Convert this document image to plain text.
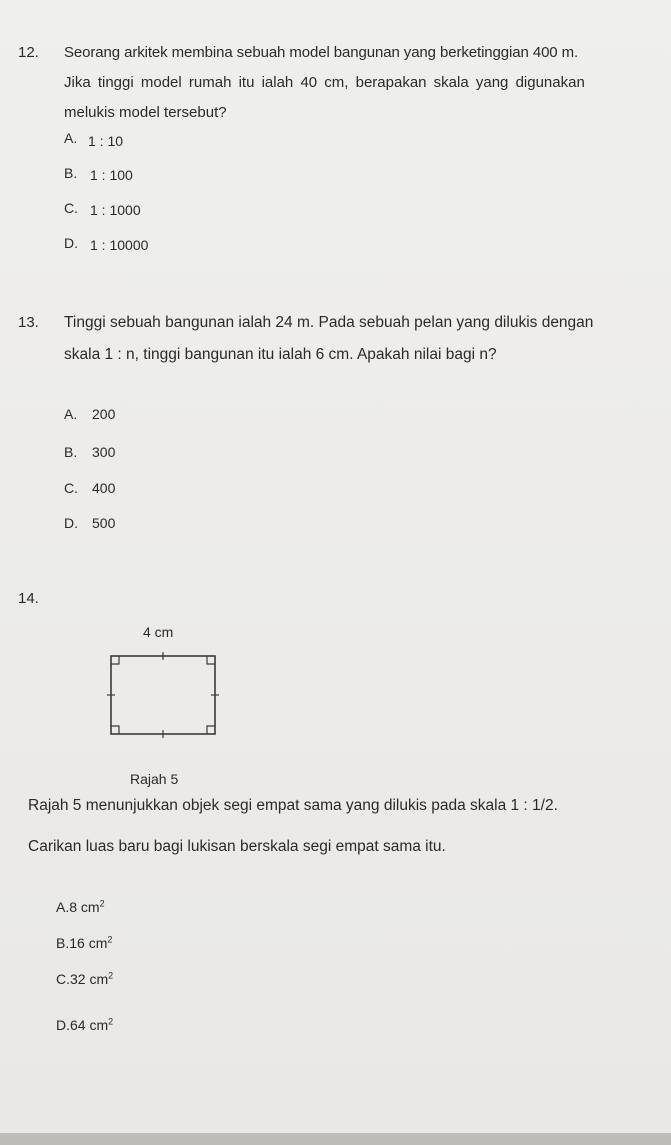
12. Seorang arkitek membina sebuah model bangunan yang berketinggian 400 m.
Jika tinggi model rumah itu ialah 40 cm, berapakan skala yang digunakan
melukis model tersebut?
A. 1 : 10
B. 1 : 100
C. 1 : 1000
D. 1 : 10000
13. Tinggi sebuah bangunan ialah 24 m. Pada sebuah pelan yang dilukis dengan
skala 1 : n, tinggi bangunan itu ialah 6 cm. Apakah nilai bagi n?
A. 200
B. 300
C. 400
D. 500
14.
4 cm
Rajah 5
Rajah 5 menunjukkan objek segi empat sama yang dilukis pada skala 1 : 1/2.
Carikan luas baru bagi lukisan berskala segi empat sama itu.
A.8 $cm^2$
B.16 $cm^2$
C.32 $cm^2$
D.64 $cm^2$
